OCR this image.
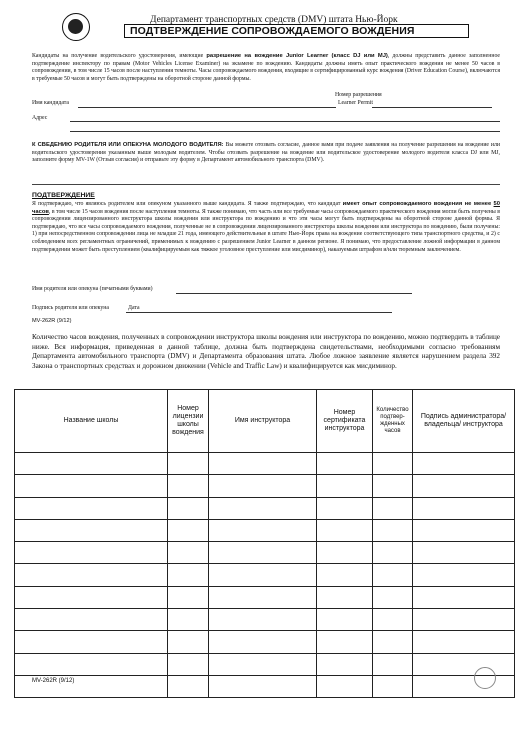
Департамент транспортных средств (DMV) штата Нью-Йорк
ПОДТВЕРЖДЕНИЕ СОПРОВОЖДАЕМОГО ВОЖДЕНИЯ
Кандидаты на получение водительского удостоверения, имеющие разрешение на вождение Junior Learner (класс DJ или MJ), должны представить данное заполненное подтверждение инспектору по правам (Motor Vehicles License Examiner) на экзамене по вождению. Кандидаты должны иметь опыт практического вождения не менее 50 часов в сопровождении, в том числе 15 часов после наступления темноты. Часы сопровождаемого вождения, входящие в сертифицированный курс вождения (Driver Education Course), включаются в требуемые 50 часов и могут быть подтверждены на оборотной стороне данной формы.
Номер разрешения
Имя кандидата	Learner Permit
Адрес
К СВЕДЕНИЮ РОДИТЕЛЯ ИЛИ ОПЕКУНА МОЛОДОГО ВОДИТЕЛЯ: Вы можете отозвать согласие, данное вами при подаче заявления на получение разрешения на вождение или водительского удостоверения указанным выше молодым водителем. Чтобы отозвать разрешение на вождение или водительское удостоверение молодого водителя класса DJ или MJ, заполните форму MV-1W (Отзыв согласия) и отправьте эту форму в Департамент автомобильного транспорта (DMV).
ПОДТВЕРЖДЕНИЕ
Я подтверждаю, что являюсь родителем или опекуном указанного выше кандидата. Я также подтверждаю, что кандидат имеет опыт сопровождаемого вождения не менее 50 часов, в том числе 15 часов вождения после наступления темноты. Я также понимаю, что часть или все требуемые часы сопровождаемого практического вождения могли быть получены в сопровождении лицензированного инструктора школы вождения или инструктора по вождению и что эти часы могут быть подтверждены на оборотной стороне данной формы. Я подтверждаю, что все часы сопровождаемого вождения, полученные не в сопровождении лицензированного инструктора школы вождения или инструктора по вождению, были получены: 1) при непосредственном сопровождении лица не младше 21 года, имеющего действительные в штате Нью-Йорк права на вождение соответствующего типа транспортного средства, и 2) с соблюдением всех регламентных ограничений, применимых к вождению с разрешением Junior Learner в данном регионе. Я понимаю, что предоставление ложной информации в данном подтверждении может быть преступлением (квалифицируемым как тяжкое уголовное преступление или мисдиминор), наказуемым штрафом и/или тюремным заключением.
Имя родителя или опекуна (печатными буквами)
Подпись родителя или опекуна	Дата
MV-262R (9/12)
Количество часов вождения, полученных в сопровождении инструктора школы вождения или инструктора по вождению, можно подтвердить в таблице ниже. Вся информация, приведенная в данной таблице, должна быть подтверждена свидетельствами, необходимыми согласно требованиям Департамента автомобильного транспорта (DMV) и Департамента образования штата. Любое ложное заявление является нарушением раздела 392 Закона о транспортных средствах и дорожном движении (Vehicle and Traffic Law) и квалифицируется как мисдиминор.
Название школы	Номер лицензии школы вождения	Имя инструктора	Номер сертификата инструктора	Количество подтвер-жденных часов	Подпись администратора/ владельца/ инструктора

MV-262R (9/12)
